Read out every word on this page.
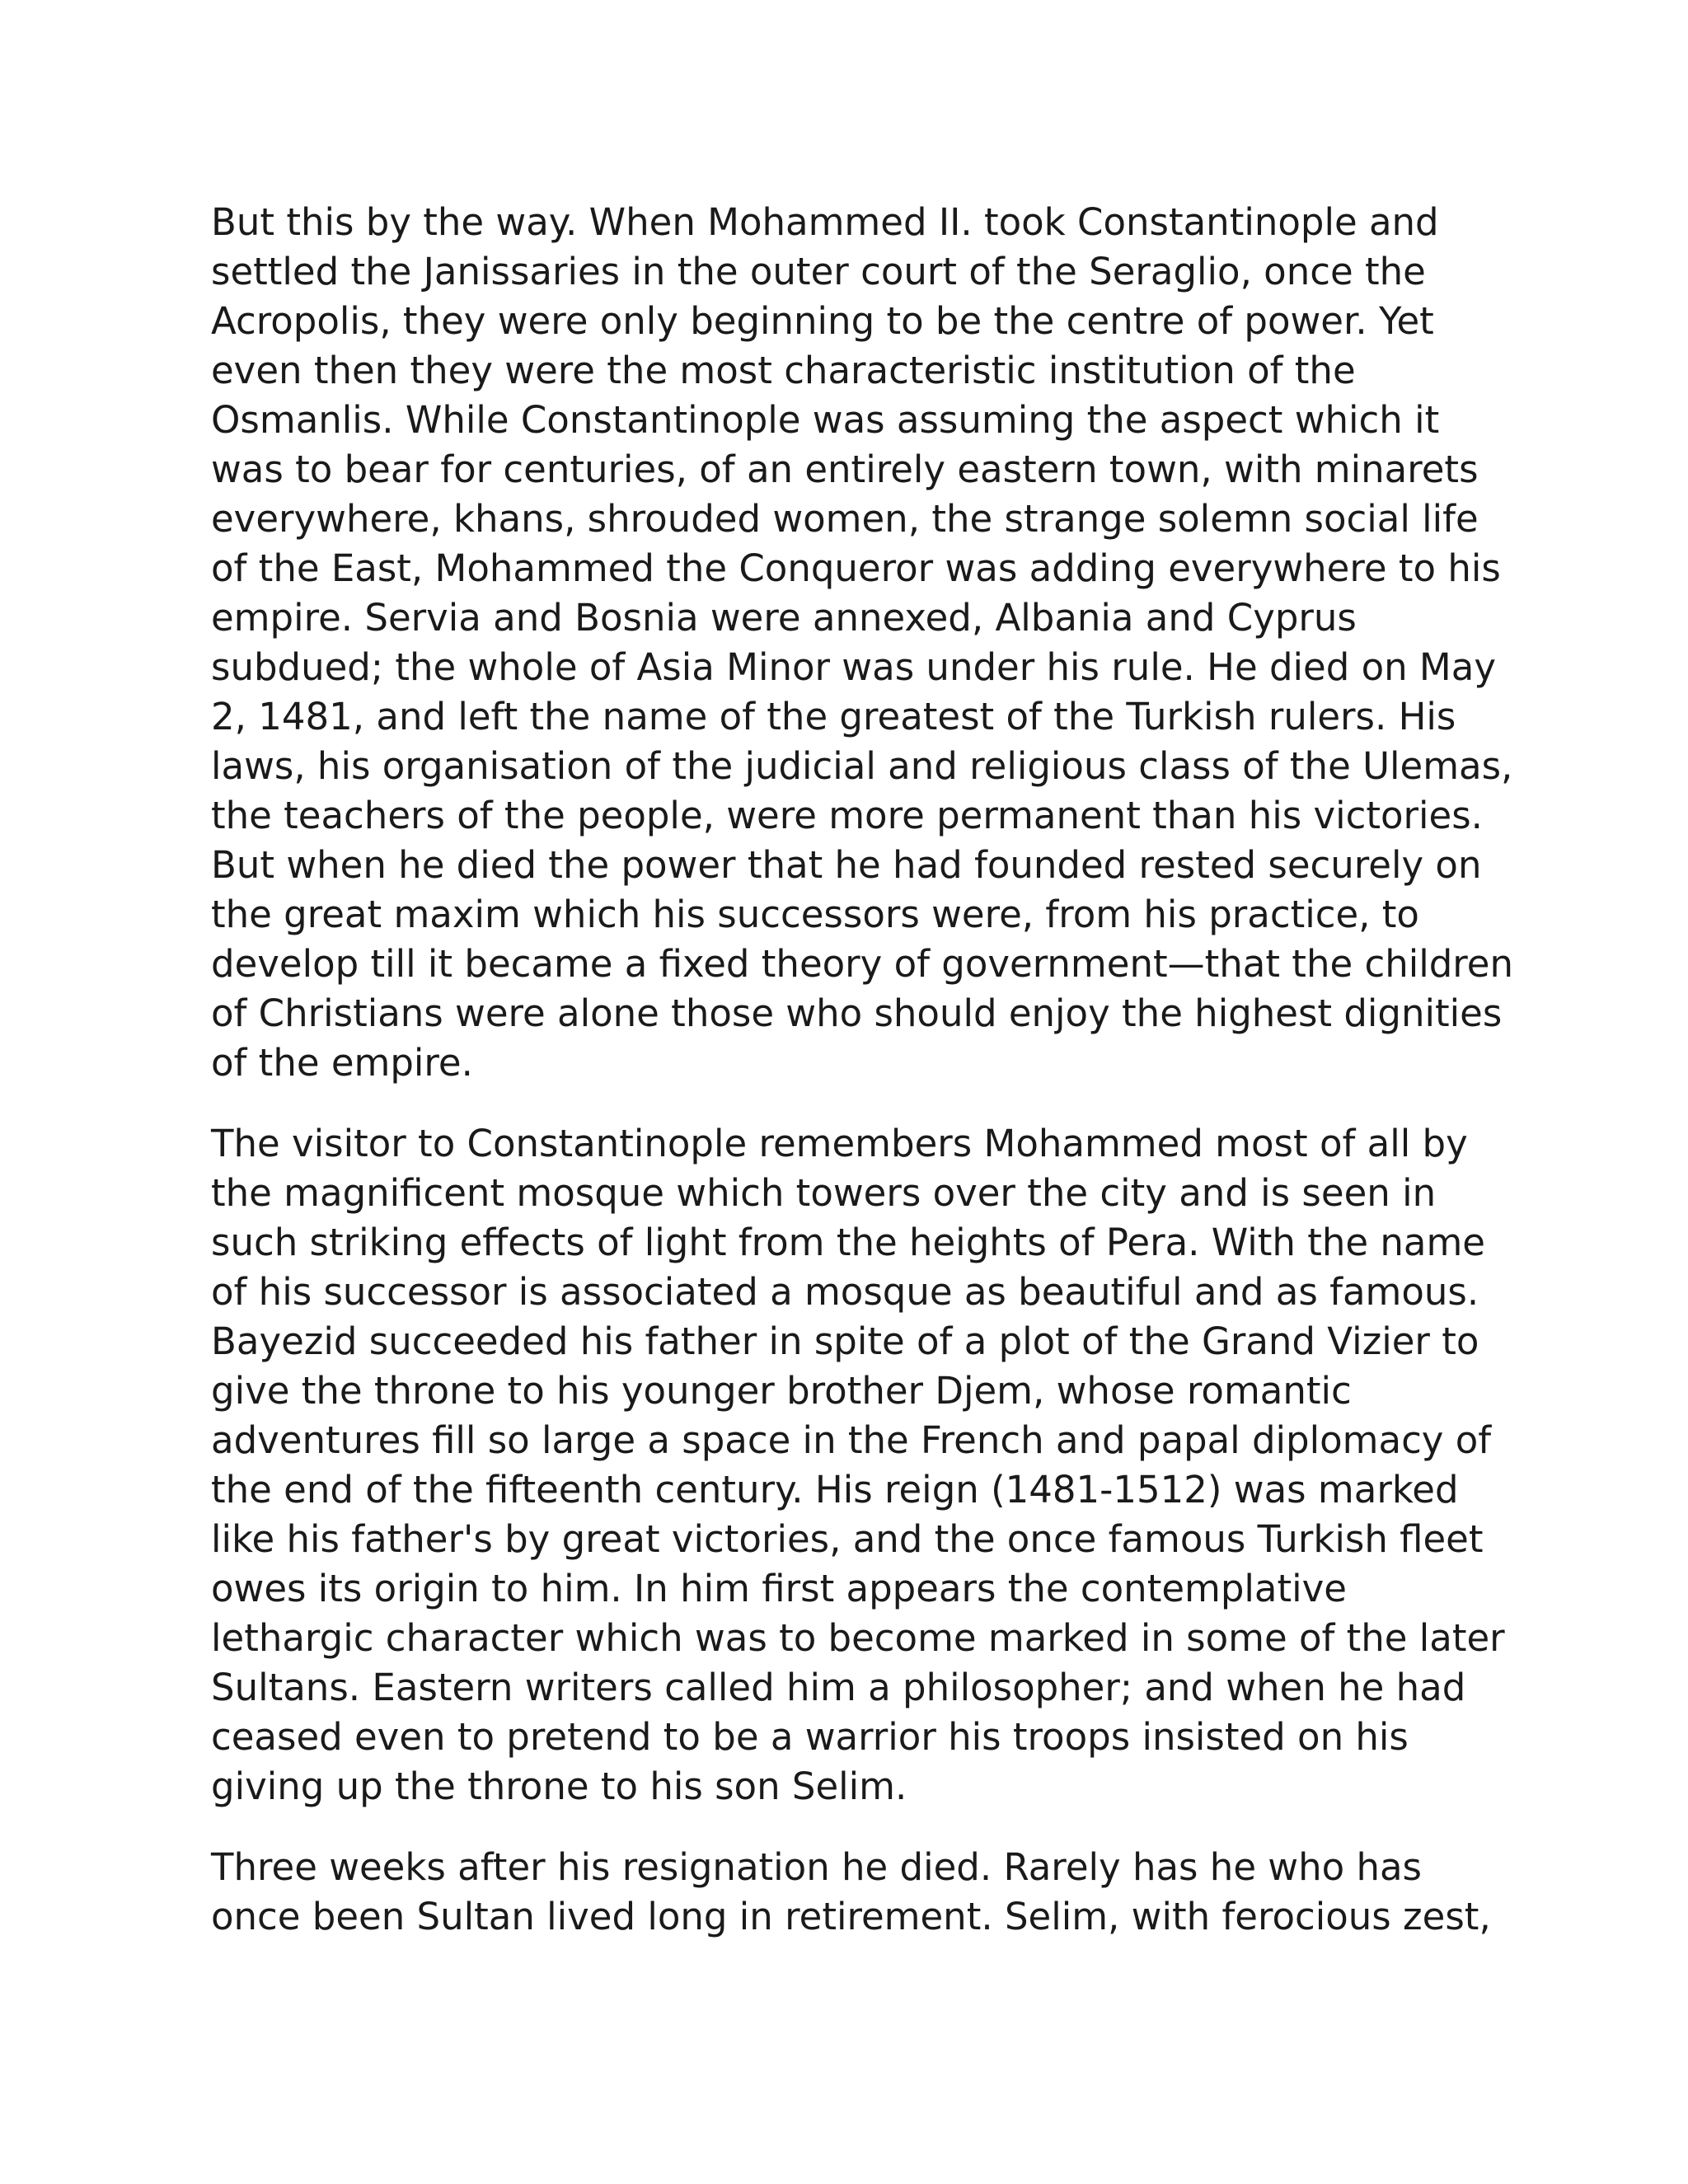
But this by the way. When Mohammed II. took Constantinople and settled the Janissaries in the outer court of the Seraglio, once the Acropolis, they were only beginning to be the centre of power. Yet even then they were the most characteristic institution of the Osmanlis. While Constantinople was assuming the aspect which it was to bear for centuries, of an entirely eastern town, with minarets everywhere, khans, shrouded women, the strange solemn social life of the East, Mohammed the Conqueror was adding everywhere to his empire. Servia and Bosnia were annexed, Albania and Cyprus subdued; the whole of Asia Minor was under his rule. He died on May 2, 1481, and left the name of the greatest of the Turkish rulers. His laws, his organisation of the judicial and religious class of the Ulemas, the teachers of the people, were more permanent than his victories. But when he died the power that he had founded rested securely on the great maxim which his successors were, from his practice, to develop till it became a fixed theory of government—that the children of Christians were alone those who should enjoy the highest dignities of the empire.

The visitor to Constantinople remembers Mohammed most of all by the magnificent mosque which towers over the city and is seen in such striking effects of light from the heights of Pera. With the name of his successor is associated a mosque as beautiful and as famous. Bayezid succeeded his father in spite of a plot of the Grand Vizier to give the throne to his younger brother Djem, whose romantic adventures fill so large a space in the French and papal diplomacy of the end of the fifteenth century. His reign (1481-1512) was marked like his father's by great victories, and the once famous Turkish fleet owes its origin to him. In him first appears the contemplative lethargic character which was to become marked in some of the later Sultans. Eastern writers called him a philosopher; and when he had ceased even to pretend to be a warrior his troops insisted on his giving up the throne to his son Selim.

Three weeks after his resignation he died. Rarely has he who has once been Sultan lived long in retirement. Selim, with ferocious zest,
